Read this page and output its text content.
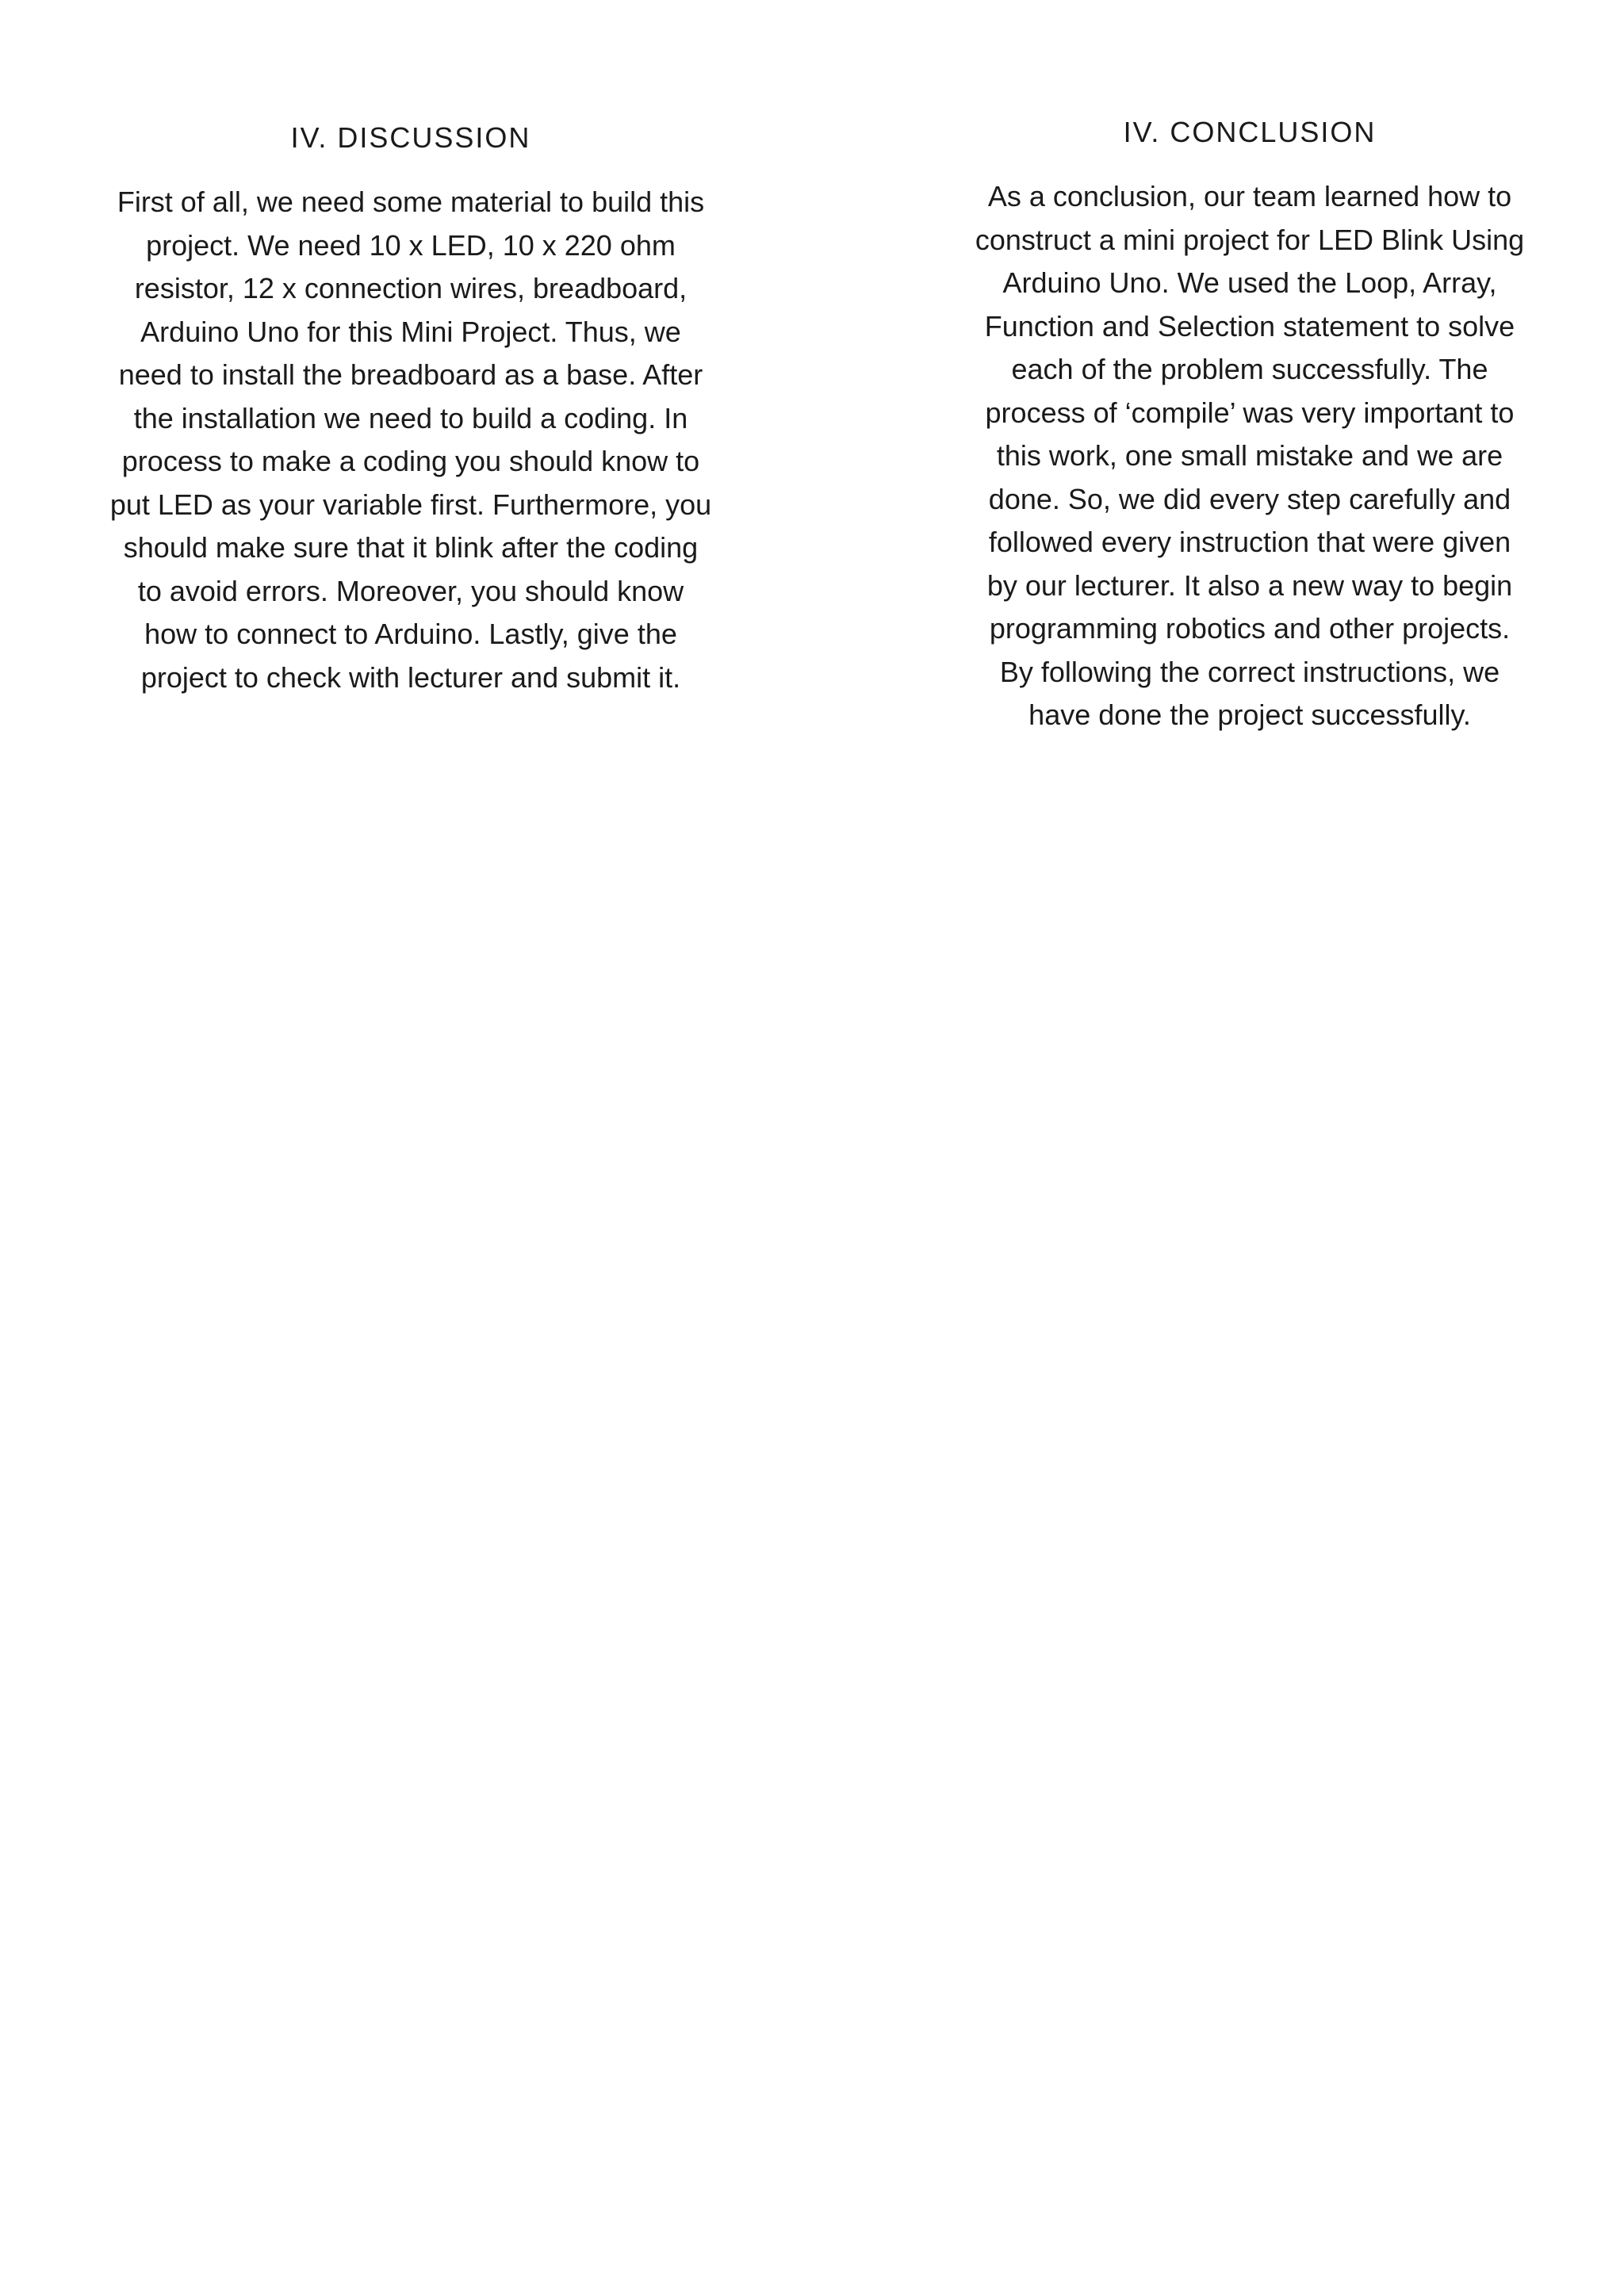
IV. DISCUSSION

First of all, we need some material to build this
project. We need 10 x LED, 10 x 220 ohm
resistor, 12 x connection wires, breadboard,
Arduino Uno for this Mini Project. Thus, we
need to install the breadboard as a base. After
the installation we need to build a coding. In
process to make a coding you should know to
put LED as your variable first. Furthermore, you
should make sure that it blink after the coding
to avoid errors. Moreover, you should know
how to connect to Arduino. Lastly, give the
project to check with lecturer and submit it.

IV. CONCLUSION

As a conclusion, our team learned how to
construct a mini project for LED Blink Using
Arduino Uno. We used the Loop, Array,
Function and Selection statement to solve
each of the problem successfully. The
process of ‘compile’ was very important to
this work, one small mistake and we are
done. So, we did every step carefully and
followed every instruction that were given
by our lecturer. It also a new way to begin
programming robotics and other projects.
By following the correct instructions, we
have done the project successfully.
